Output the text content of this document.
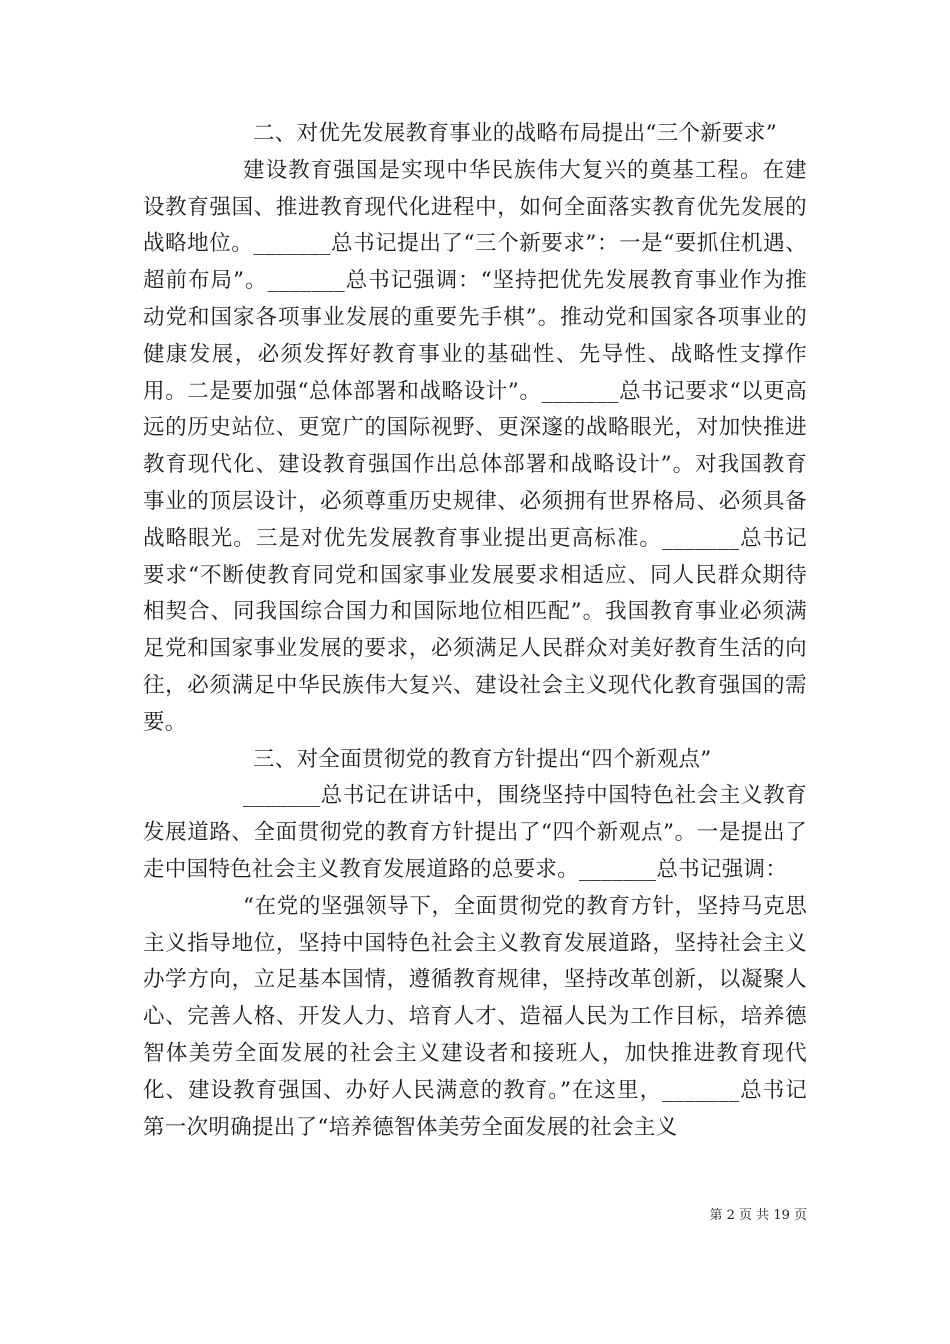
二、对优先发展教育事业的战略布局提出“三个新要求”

建设教育强国是实现中华民族伟大复兴的奠基工程。在建设教育强国、推进教育现代化进程中，如何全面落实教育优先发展的战略地位。_______总书记提出了“三个新要求”：一是“要抓住机遇、超前布局”。_______总书记强调：“坚持把优先发展教育事业作为推动党和国家各项事业发展的重要先手棋”。推动党和国家各项事业的健康发展，必须发挥好教育事业的基础性、先导性、战略性支撑作用。二是要加强“总体部署和战略设计”。_______总书记要求“以更高远的历史站位、更宽广的国际视野、更深邃的战略眼光，对加快推进教育现代化、建设教育强国作出总体部署和战略设计”。对我国教育事业的顶层设计，必须尊重历史规律、必须拥有世界格局、必须具备战略眼光。三是对优先发展教育事业提出更高标准。_______总书记要求“不断使教育同党和国家事业发展要求相适应、同人民群众期待相契合、同我国综合国力和国际地位相匹配”。我国教育事业必须满足党和国家事业发展的要求，必须满足人民群众对美好教育生活的向往，必须满足中华民族伟大复兴、建设社会主义现代化教育强国的需要。

三、对全面贯彻党的教育方针提出“四个新观点”

_______总书记在讲话中，围绕坚持中国特色社会主义教育发展道路、全面贯彻党的教育方针提出了“四个新观点”。一是提出了走中国特色社会主义教育发展道路的总要求。_______总书记强调：

“在党的坚强领导下，全面贯彻党的教育方针，坚持马克思主义指导地位，坚持中国特色社会主义教育发展道路，坚持社会主义办学方向，立足基本国情，遵循教育规律，坚持改革创新，以凝聚人心、完善人格、开发人力、培育人才、造福人民为工作目标，培养德智体美劳全面发展的社会主义建设者和接班人，加快推进教育现代化、建设教育强国、办好人民满意的教育。”在这里，_______总书记第一次明确提出了“培养德智体美劳全面发展的社会主义

第 2 页 共 19 页
